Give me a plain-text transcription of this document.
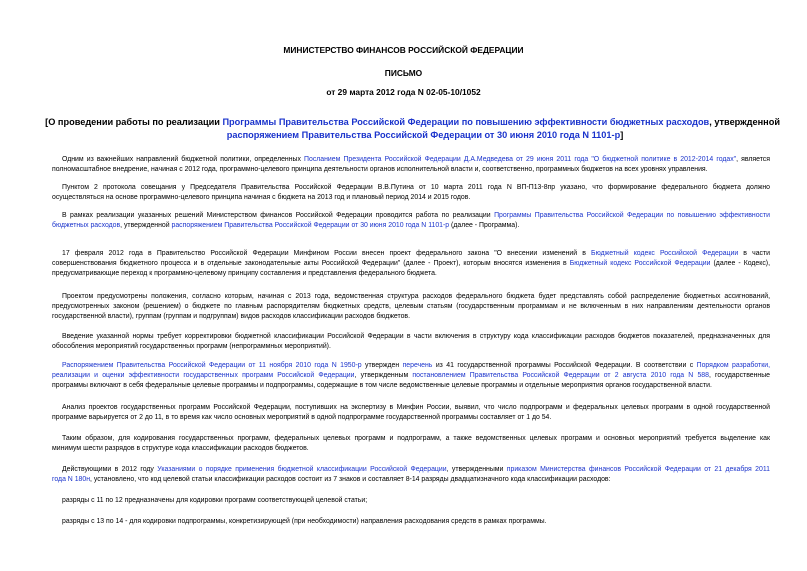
МИНИСТЕРСТВО ФИНАНСОВ РОССИЙСКОЙ ФЕДЕРАЦИИ
ПИСЬМО
от 29 марта 2012 года N 02-05-10/1052
[О проведении работы по реализации Программы Правительства Российской Федерации по повышению эффективности бюджетных расходов, утвержденной
распоряжением Правительства Российской Федерации от 30 июня 2010 года N 1101-р]
Одним из важнейших направлений бюджетной политики, определенных Посланием Президента Российской Федерации Д.А.Медведева от 29 июня 2011 года "О бюджетной политике в 2012-2014 годах", является
полномасштабное внедрение, начиная с 2012 года, программно-целевого принципа деятельности органов исполнительной власти и, соответственно, программных бюджетов на всех уровнях управления.
Пунктом 2 протокола совещания у Председателя Правительства Российской Федерации В.В.Путина от 10 марта 2011 года N ВП-П13-8пр указано, что формирование федерального бюджета должно
осуществляться на основе программно-целевого принципа начиная с бюджета на 2013 год и плановый период 2014 и 2015 годов.
В рамках реализации указанных решений Министерством финансов Российской Федерации проводится работа по реализации Программы Правительства Российской Федерации по повышению эффективности
бюджетных расходов, утвержденной распоряжением Правительства Российской Федерации от 30 июня 2010 года N 1101-р (далее - Программа).
17 февраля 2012 года в Правительство Российской Федерации Минфином России внесен проект федерального закона "О внесении изменений в Бюджетный кодекс Российской Федерации в части
совершенствования бюджетного процесса и в отдельные законодательные акты Российской Федерации" (далее - Проект), которым вносятся изменения в Бюджетный кодекс Российской Федерации (далее - Кодекс),
предусматривающие переход к программно-целевому принципу составления и представления федерального бюджета.
Проектом предусмотрены положения, согласно которым, начиная с 2013 года, ведомственная структура расходов федерального бюджета будет представлять собой распределение бюджетных ассигнований,
предусмотренных законом (решением) о бюджете по главным распорядителям бюджетных средств, целевым статьям (государственным программам и не включенным в них направлениям деятельности органов
государственной власти), группам (группам и подгруппам) видов расходов классификации расходов бюджетов.
Введение указанной нормы требует корректировки бюджетной классификации Российской Федерации в части включения в структуру кода классификации расходов бюджетов показателей, предназначенных для
обособления мероприятий государственных программ (непрограммных мероприятий).
Распоряжением Правительства Российской Федерации от 11 ноября 2010 года N 1950-р утвержден перечень из 41 государственной программы Российской Федерации. В соответствии с Порядком разработки,
реализации и оценки эффективности государственных программ Российской Федерации, утвержденным постановлением Правительства Российской Федерации от 2 августа 2010 года N 588, государственные
программы включают в себя федеральные целевые программы и подпрограммы, содержащие в том числе ведомственные целевые программы и отдельные мероприятия органов государственной власти.
Анализ проектов государственных программ Российской Федерации, поступивших на экспертизу в Минфин России, выявил, что число подпрограмм и федеральных целевых программ в одной государственной
программе варьируется от 2 до 11, в то время как число основных мероприятий в одной подпрограмме государственной программы составляет от 1 до 54.
Таким образом, для кодирования государственных программ, федеральных целевых программ и подпрограмм, а также ведомственных целевых программ и основных мероприятий требуется выделение как
минимум шести разрядов в структуре кода классификации расходов бюджетов.
Действующими в 2012 году Указаниями о порядке применения бюджетной классификации Российской Федерации, утвержденными приказом Министерства финансов Российской Федерации от 21 декабря 2011
года N 180н, установлено, что код целевой статьи классификации расходов состоит из 7 знаков и составляет 8-14 разряды двадцатизначного кода классификации расходов:
разряды с 11 по 12 предназначены для кодировки программ соответствующей целевой статьи;
разряды с 13 по 14 - для кодировки подпрограммы, конкретизирующей (при необходимости) направления расходования средств в рамках программы.
